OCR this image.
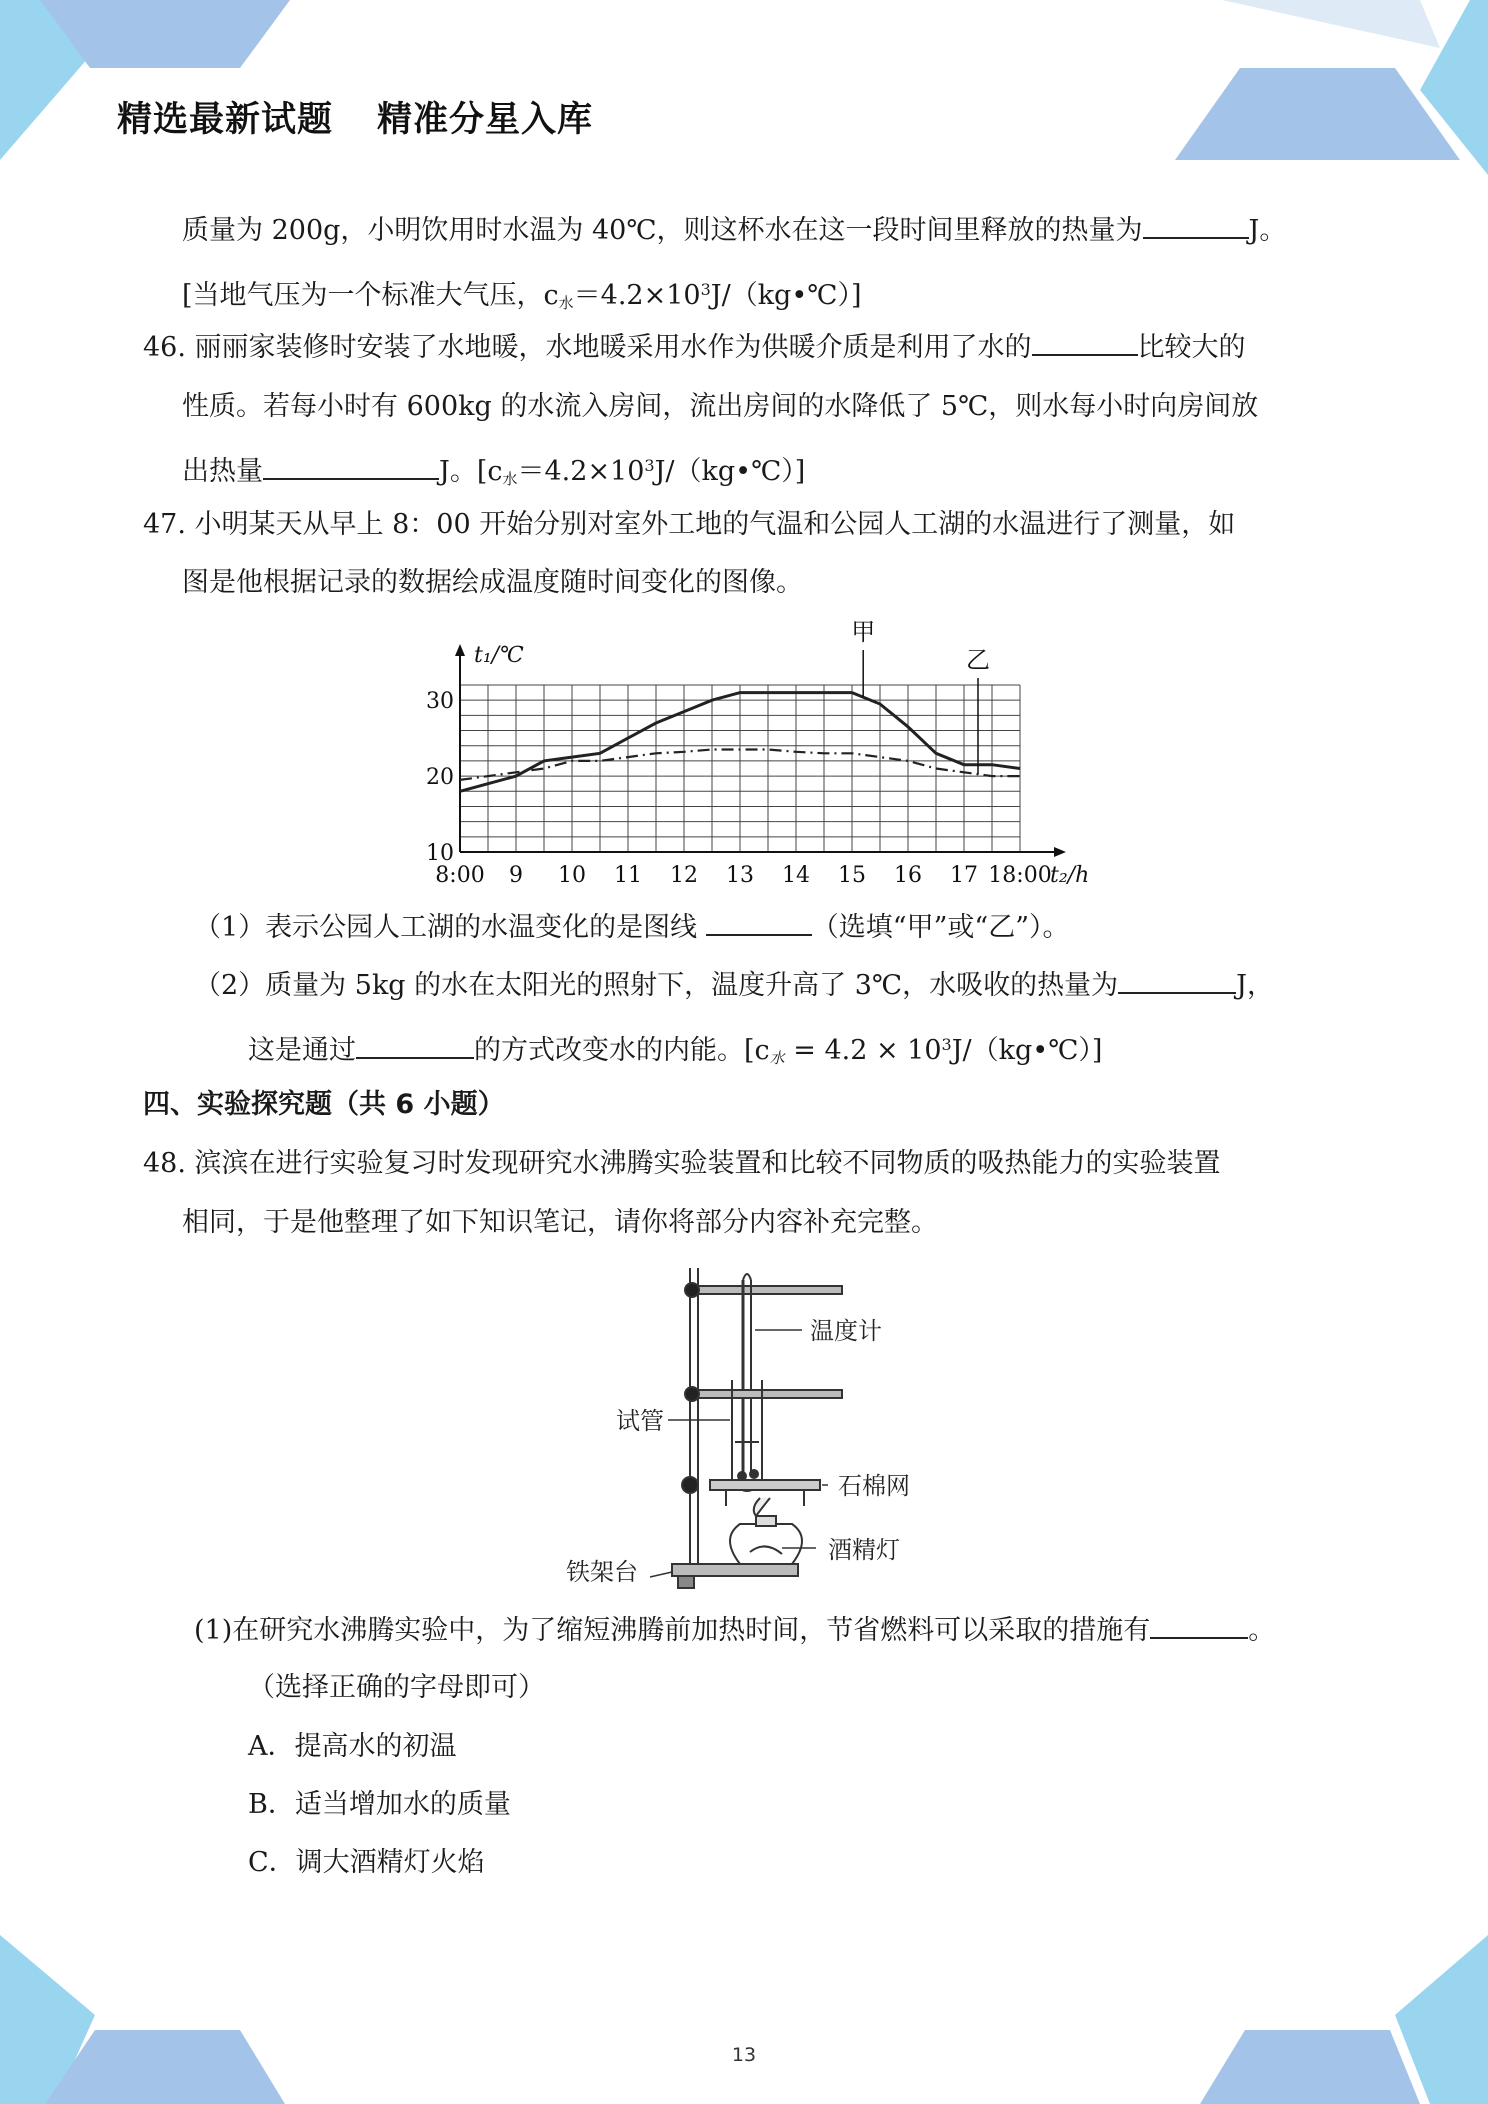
精选最新试题 精准分星入库
质量为 200g，小明饮用时水温为 40℃，则这杯水在这一段时间里释放的热量为	J。
[当地气压为一个标准大气压，$c_水=4.2\times 10^3J/(kg•℃)$]
46. 丽丽家装修时安装了水地暖，水地暖采用水作为供暖介质是利用了水的	比较大的
性质。若每小时有 600kg 的水流入房间，流出房间的水降低了 5℃，则水每小时向房间放
出热量	J。$[c_水=4.2\times 10^3J/(kg•℃)]$
47. 小明某天从早上 8：00 开始分别对室外工地的气温和公园人工湖的水温进行了测量，如
图是他根据记录的数据绘成温度随时间变化的图像。
10
20
30
8:00 9 10 11 12 13 14 15 16 17 18:00
t₁/℃
t₂/h
甲
乙
（1）表示公园人工湖的水温变化的是图线	（选填“甲”或“乙”）。
（2）质量为 5kg 的水在太阳光的照射下，温度升高了 3℃，水吸收的热量为	J，
这是通过	的方式改变水的内能。[$c_水 = 4.2$ × $10^3J/(kg•℃)$]
四、实验探究题（共 6 小题）
48. 滨滨在进行实验复习时发现研究水沸腾实验装置和比较不同物质的吸热能力的实验装置
相同，于是他整理了如下知识笔记，请你将部分内容补充完整。
温度计
试管
石棉网
酒精灯
铁架台
(1)在研究水沸腾实验中，为了缩短沸腾前加热时间，节省燃料可以采取的措施有	。
（选择正确的字母即可）
A．提高水的初温
B．适当增加水的质量
C．调大酒精灯火焰
13
